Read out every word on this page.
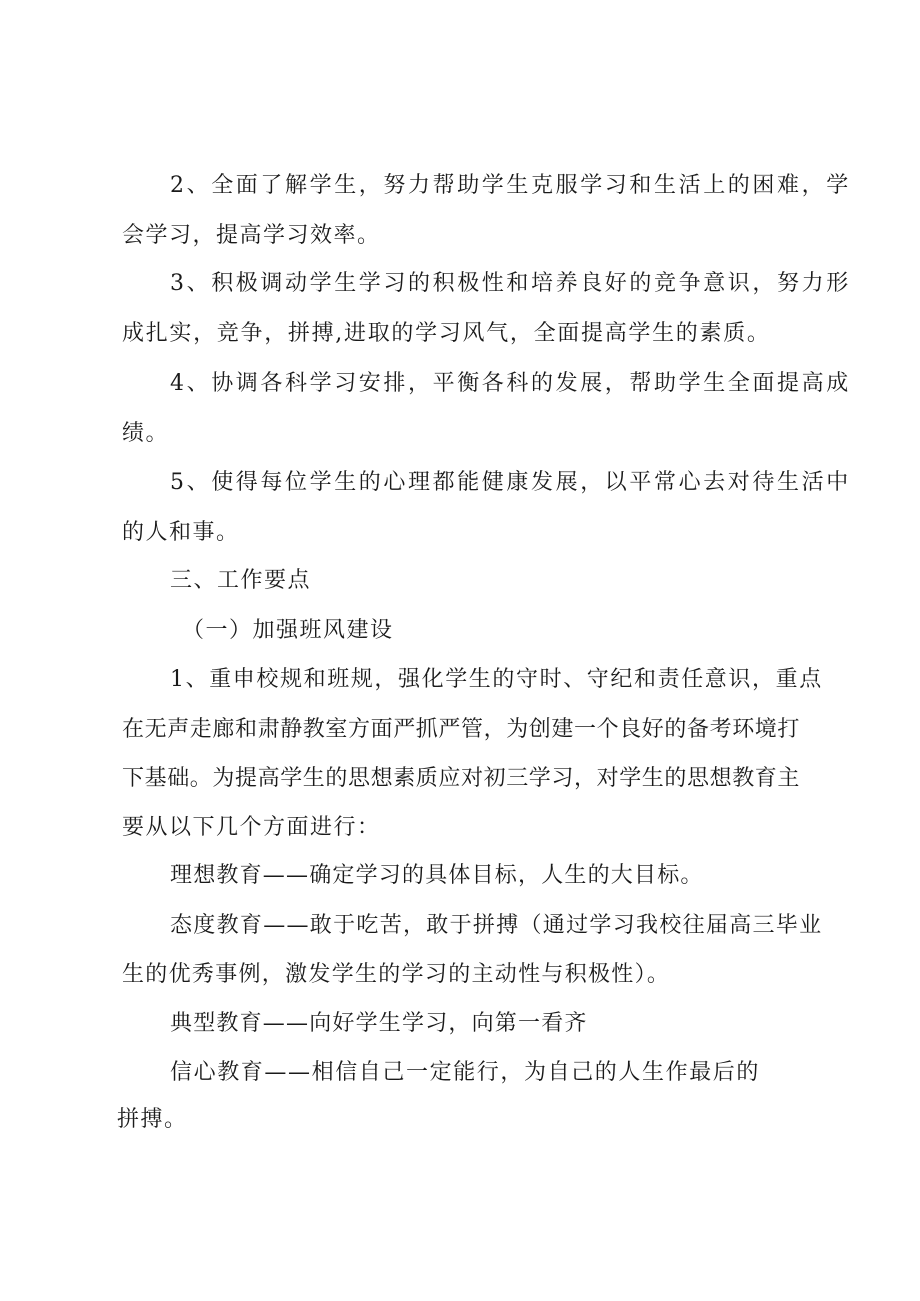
2、全面了解学生，努力帮助学生克服学习和生活上的困难，学
会学习，提高学习效率。
3、积极调动学生学习的积极性和培养良好的竞争意识，努力形
成扎实，竞争，拼搏,进取的学习风气，全面提高学生的素质。
4、协调各科学习安排，平衡各科的发展，帮助学生全面提高成
绩。
5、使得每位学生的心理都能健康发展，以平常心去对待生活中
的人和事。
三、工作要点
（一）加强班风建设
1、重申校规和班规，强化学生的守时、守纪和责任意识，重点
在无声走廊和肃静教室方面严抓严管，为创建一个良好的备考环境打
下基础。为提高学生的思想素质应对初三学习，对学生的思想教育主
要从以下几个方面进行：
理想教育——确定学习的具体目标，人生的大目标。
态度教育——敢于吃苦，敢于拼搏（通过学习我校往届高三毕业
生的优秀事例，激发学生的学习的主动性与积极性）。
典型教育——向好学生学习，向第一看齐
信心教育——相信自己一定能行，为自己的人生作最后的
拼搏。
